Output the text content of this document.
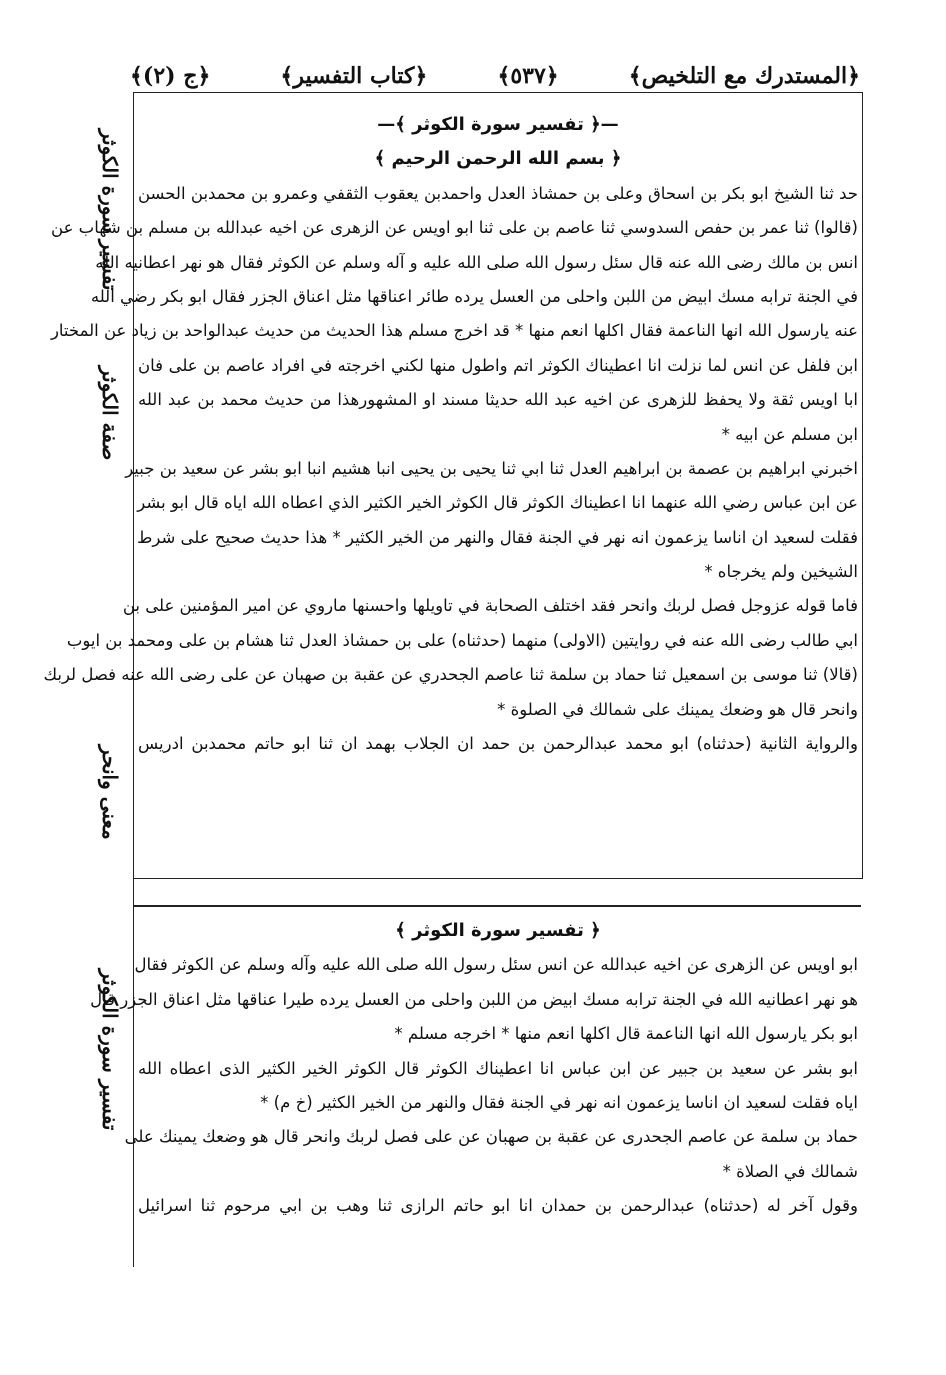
﴿المستدرك مع التلخيص﴾
﴿٥٣٧﴾
﴿كتاب التفسير﴾
﴿ج (٢)﴾
تفسير سورة الكوثر
صفة الكوثر
معنى وانحر
تفسير سورة الكوثر
—﴿ تفسير سورة الكوثر ﴾—
﴿ بسم الله الرحمن الرحيم ﴾
حد ثنا الشيخ ابو بكر بن اسحاق وعلى بن حمشاذ العدل واحمدبن يعقوب الثقفي وعمرو بن محمدبن الحسن
(قالوا) ثنا عمر بن حفص السدوسي ثنا عاصم بن على ثنا ابو اويس عن الزهرى عن اخيه عبدالله بن مسلم بن شهاب عن
انس بن مالك رضى الله عنه قال سئل رسول الله صلى الله عليه و آله وسلم عن الكوثر فقال هو نهر اعطانيه الله
في الجنة ترابه مسك ابيض من اللبن واحلى من العسل يرده طائر اعناقها مثل اعناق الجزر فقال ابو بكر رضي الله
عنه يارسول الله انها الناعمة فقال اكلها انعم منها * قد اخرج مسلم هذا الحديث من حديث عبدالواحد بن زياد عن المختار
ابن فلفل عن انس لما نزلت انا اعطيناك الكوثر اتم واطول منها لكني اخرجته في افراد عاصم بن على فان
ابا اويس ثقة ولا يحفظ للزهرى عن اخيه عبد الله حديثا مسند او المشهورهذا من حديث محمد بن عبد الله
ابن مسلم عن ابيه *
اخبرني ابراهيم بن عصمة بن ابراهيم العدل ثنا ابي ثنا يحيى بن يحيى انبا هشيم انبا ابو بشر عن سعيد بن جبير
عن ابن عباس رضي الله عنهما انا اعطيناك الكوثر قال الكوثر الخير الكثير الذي اعطاه الله اياه قال ابو بشر
فقلت لسعيد ان اناسا يزعمون انه نهر في الجنة فقال والنهر من الخير الكثير * هذا حديث صحيح على شرط
الشيخين ولم يخرجاه *
فاما قوله عزوجل فصل لربك وانحر فقد اختلف الصحابة في تاويلها واحسنها ماروي عن امير المؤمنين على بن
ابي طالب رضى الله عنه في روايتين (الاولى) منهما (حدثناه) على بن حمشاذ العدل ثنا هشام بن على ومحمد بن ايوب
(قالا) ثنا موسى بن اسمعيل ثنا حماد بن سلمة ثنا عاصم الجحدري عن عقبة بن صهبان عن على رضى الله عنه فصل لربك
وانحر قال هو وضعك يمينك على شمالك في الصلوة *
والرواية الثانية (حدثناه) ابو محمد عبدالرحمن بن حمد ان الجلاب بهمد ان ثنا ابو حاتم محمدبن ادريس
﴿ تفسير سورة الكوثر ﴾
ابو اويس عن الزهرى عن اخيه عبدالله عن انس سئل رسول الله صلى الله عليه وآله وسلم عن الكوثر فقال
هو نهر اعطانيه الله في الجنة ترابه مسك ابيض من اللبن واحلى من العسل يرده طيرا عناقها مثل اعناق الجزر قال
ابو بكر يارسول الله انها الناعمة قال اكلها انعم منها * اخرجه مسلم *
ابو بشر عن سعيد بن جبير عن ابن عباس انا اعطيناك الكوثر قال الكوثر الخير الكثير الذى اعطاه الله
اياه فقلت لسعيد ان اناسا يزعمون انه نهر في الجنة فقال والنهر من الخير الكثير (خ م) *
حماد بن سلمة عن عاصم الجحدرى عن عقبة بن صهبان عن على فصل لربك وانحر قال هو وضعك يمينك على
شمالك في الصلاة *
وقول آخر له (حدثناه) عبدالرحمن بن حمدان انا ابو حاتم الرازى ثنا وهب بن ابي مرحوم ثنا اسرائيل
